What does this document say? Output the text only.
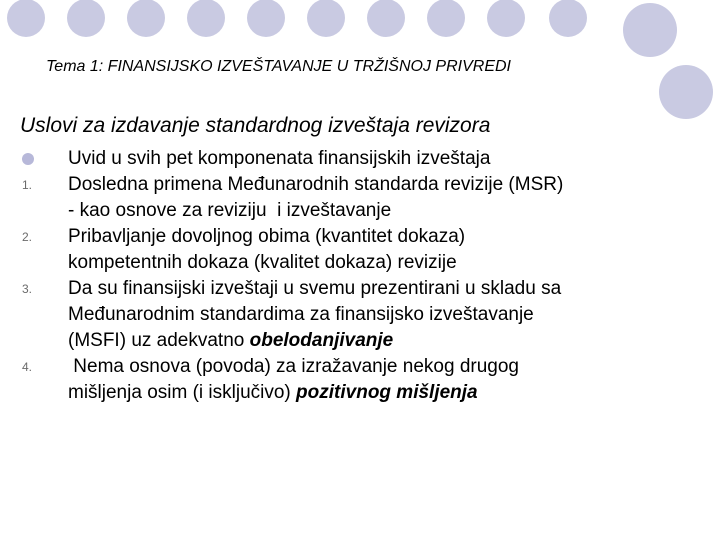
Tema 1: FINANSIJSKO IZVEŠTAVANJE U TRŽIŠNOJ PRIVREDI
Uslovi za izdavanje standardnog izveštaja revizora
Uvid u svih pet komponenata finansijskih izveštaja
1. Dosledna primena Međunarodnih standarda revizije (MSR)
- kao osnove za reviziju  i izveštavanje
2. Pribavljanje dovoljnog obima (kvantitet dokaza)
kompetentnih dokaza (kvalitet dokaza) revizije
3. Da su finansijski izveštaji u svemu prezentirani u skladu sa
Međunarodnim standardima za finansijsko izveštavanje
(MSFI) uz adekvatno obelodanjivanje
4. Nema osnova (povoda) za izražavanje nekog drugog
mišljenja osim (i isključivo) pozitivnog mišljenja
